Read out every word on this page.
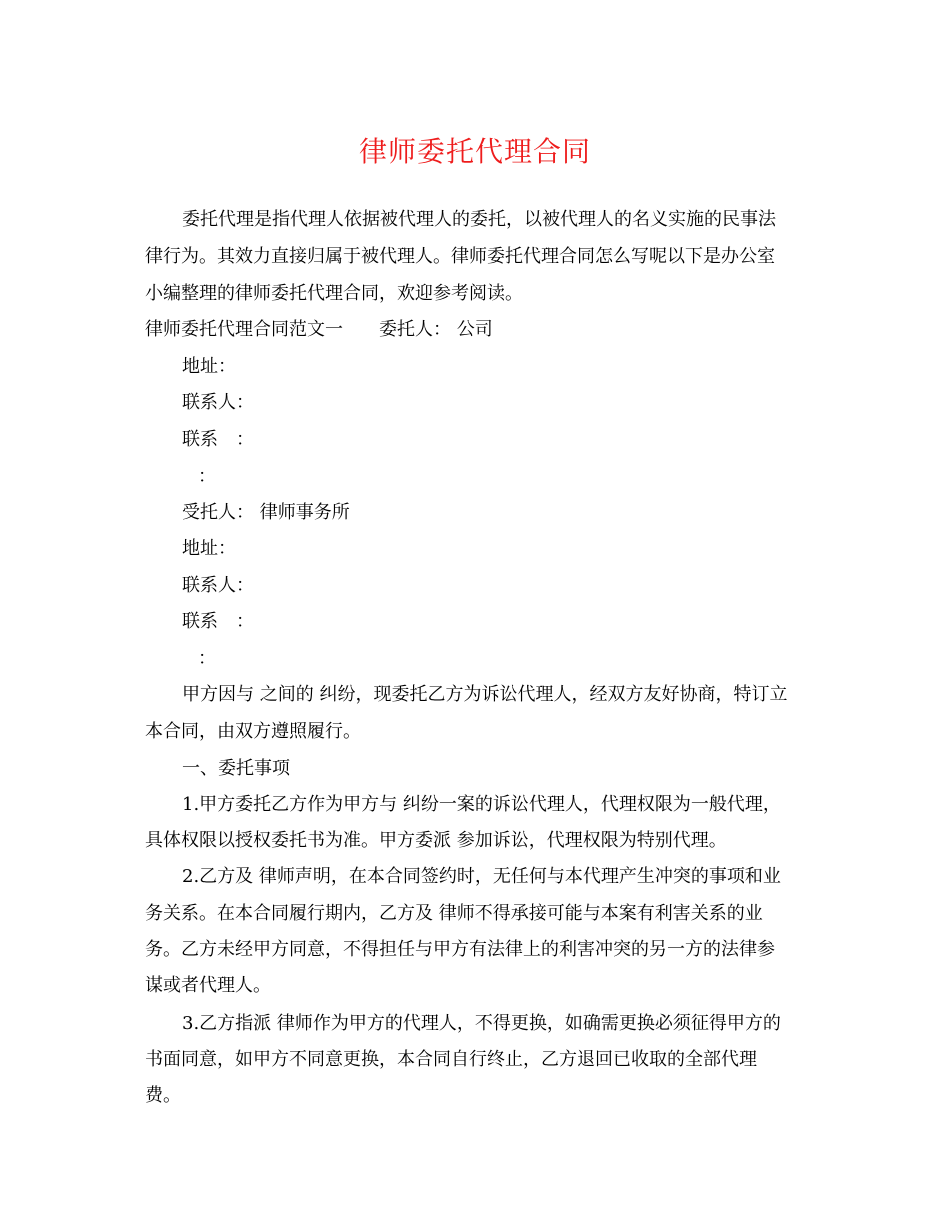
律师委托代理合同
委托代理是指代理人依据被代理人的委托，以被代理人的名义实施的民事法
律行为。其效力直接归属于被代理人。律师委托代理合同怎么写呢以下是办公室
小编整理的律师委托代理合同，欢迎参考阅读。
律师委托代理合同范文一 委托人： 公司
地址：
联系人：
联系　：
：
受托人： 律师事务所
地址：
联系人：
联系　：
：
甲方因与 之间的 纠纷，现委托乙方为诉讼代理人，经双方友好协商，特订立
本合同，由双方遵照履行。
一、委托事项
1.甲方委托乙方作为甲方与 纠纷一案的诉讼代理人，代理权限为一般代理，
具体权限以授权委托书为准。甲方委派 参加诉讼，代理权限为特别代理。
2.乙方及 律师声明，在本合同签约时，无任何与本代理产生冲突的事项和业
务关系。在本合同履行期内，乙方及 律师不得承接可能与本案有利害关系的业
务。乙方未经甲方同意，不得担任与甲方有法律上的利害冲突的另一方的法律参
谋或者代理人。
3.乙方指派 律师作为甲方的代理人，不得更换，如确需更换必须征得甲方的
书面同意，如甲方不同意更换，本合同自行终止，乙方退回已收取的全部代理
费。
